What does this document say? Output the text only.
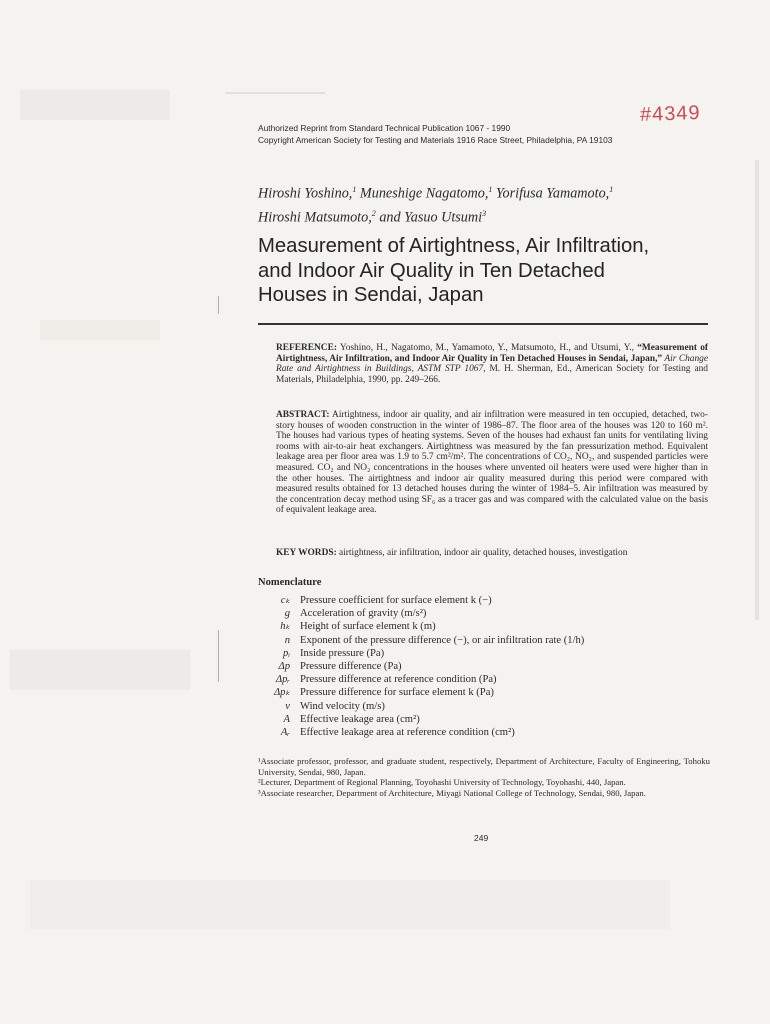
Authorized Reprint from Standard Technical Publication 1067 - 1990
Copyright American Society for Testing and Materials 1916 Race Street, Philadelphia, PA 19103
#4349
Hiroshi Yoshino,$^1$ Muneshige Nagatomo,$^1$ Yorifusa Yamamoto,$^1$
Hiroshi Matsumoto,$^2$ and Yasuo Utsumi$^3$
Measurement of Airtightness, Air Infiltration,
and Indoor Air Quality in Ten Detached
Houses in Sendai, Japan
REFERENCE: Yoshino, H., Nagatomo, M., Yamamoto, Y., Matsumoto, H., and Utsumi, Y., “Measurement of Airtightness, Air Infiltration, and Indoor Air Quality in Ten Detached Houses in Sendai, Japan,” Air Change Rate and Airtightness in Buildings, ASTM STP 1067, M. H. Sherman, Ed., American Society for Testing and Materials, Philadelphia, 1990, pp. 249–266.
ABSTRACT: Airtightness, indoor air quality, and air infiltration were measured in ten occupied, detached, two-story houses of wooden construction in the winter of 1986–87. The floor area of the houses was 120 to 160 m². The houses had various types of heating systems. Seven of the houses had exhaust fan units for ventilating living rooms with air-to-air heat exchangers. Airtightness was measured by the fan pressurization method. Equivalent leakage area per floor area was 1.9 to 5.7 cm²/m². The concentrations of CO₂, NO₂, and suspended particles were measured. CO₂ and NO₂ concentrations in the houses where unvented oil heaters were used were higher than in the other houses. The airtightness and indoor air quality measured during this period were compared with measured results obtained for 13 detached houses during the winter of 1984–5. Air infiltration was measured by the concentration decay method using SF₆ as a tracer gas and was compared with the calculated value on the basis of equivalent leakage area.
KEY WORDS: airtightness, air infiltration, indoor air quality, detached houses, investigation
Nomenclature
cₖ Pressure coefficient for surface element k (−)
g Acceleration of gravity (m/s²)
hₖ Height of surface element k (m)
n Exponent of the pressure difference (−), or air infiltration rate (1/h)
pᵢ Inside pressure (Pa)
Δp Pressure difference (Pa)
Δpᵣ Pressure difference at reference condition (Pa)
Δpₖ Pressure difference for surface element k (Pa)
v Wind velocity (m/s)
A Effective leakage area (cm²)
Aᵣ Effective leakage area at reference condition (cm²)

¹Associate professor, professor, and graduate student, respectively, Department of Architecture, Faculty of Engineering, Tohoku University, Sendai, 980, Japan.

²Lecturer, Department of Regional Planning, Toyohashi University of Technology, Toyohashi, 440, Japan.

³Associate researcher, Department of Architecture, Miyagi National College of Technology, Sendai, 980, Japan.

249
